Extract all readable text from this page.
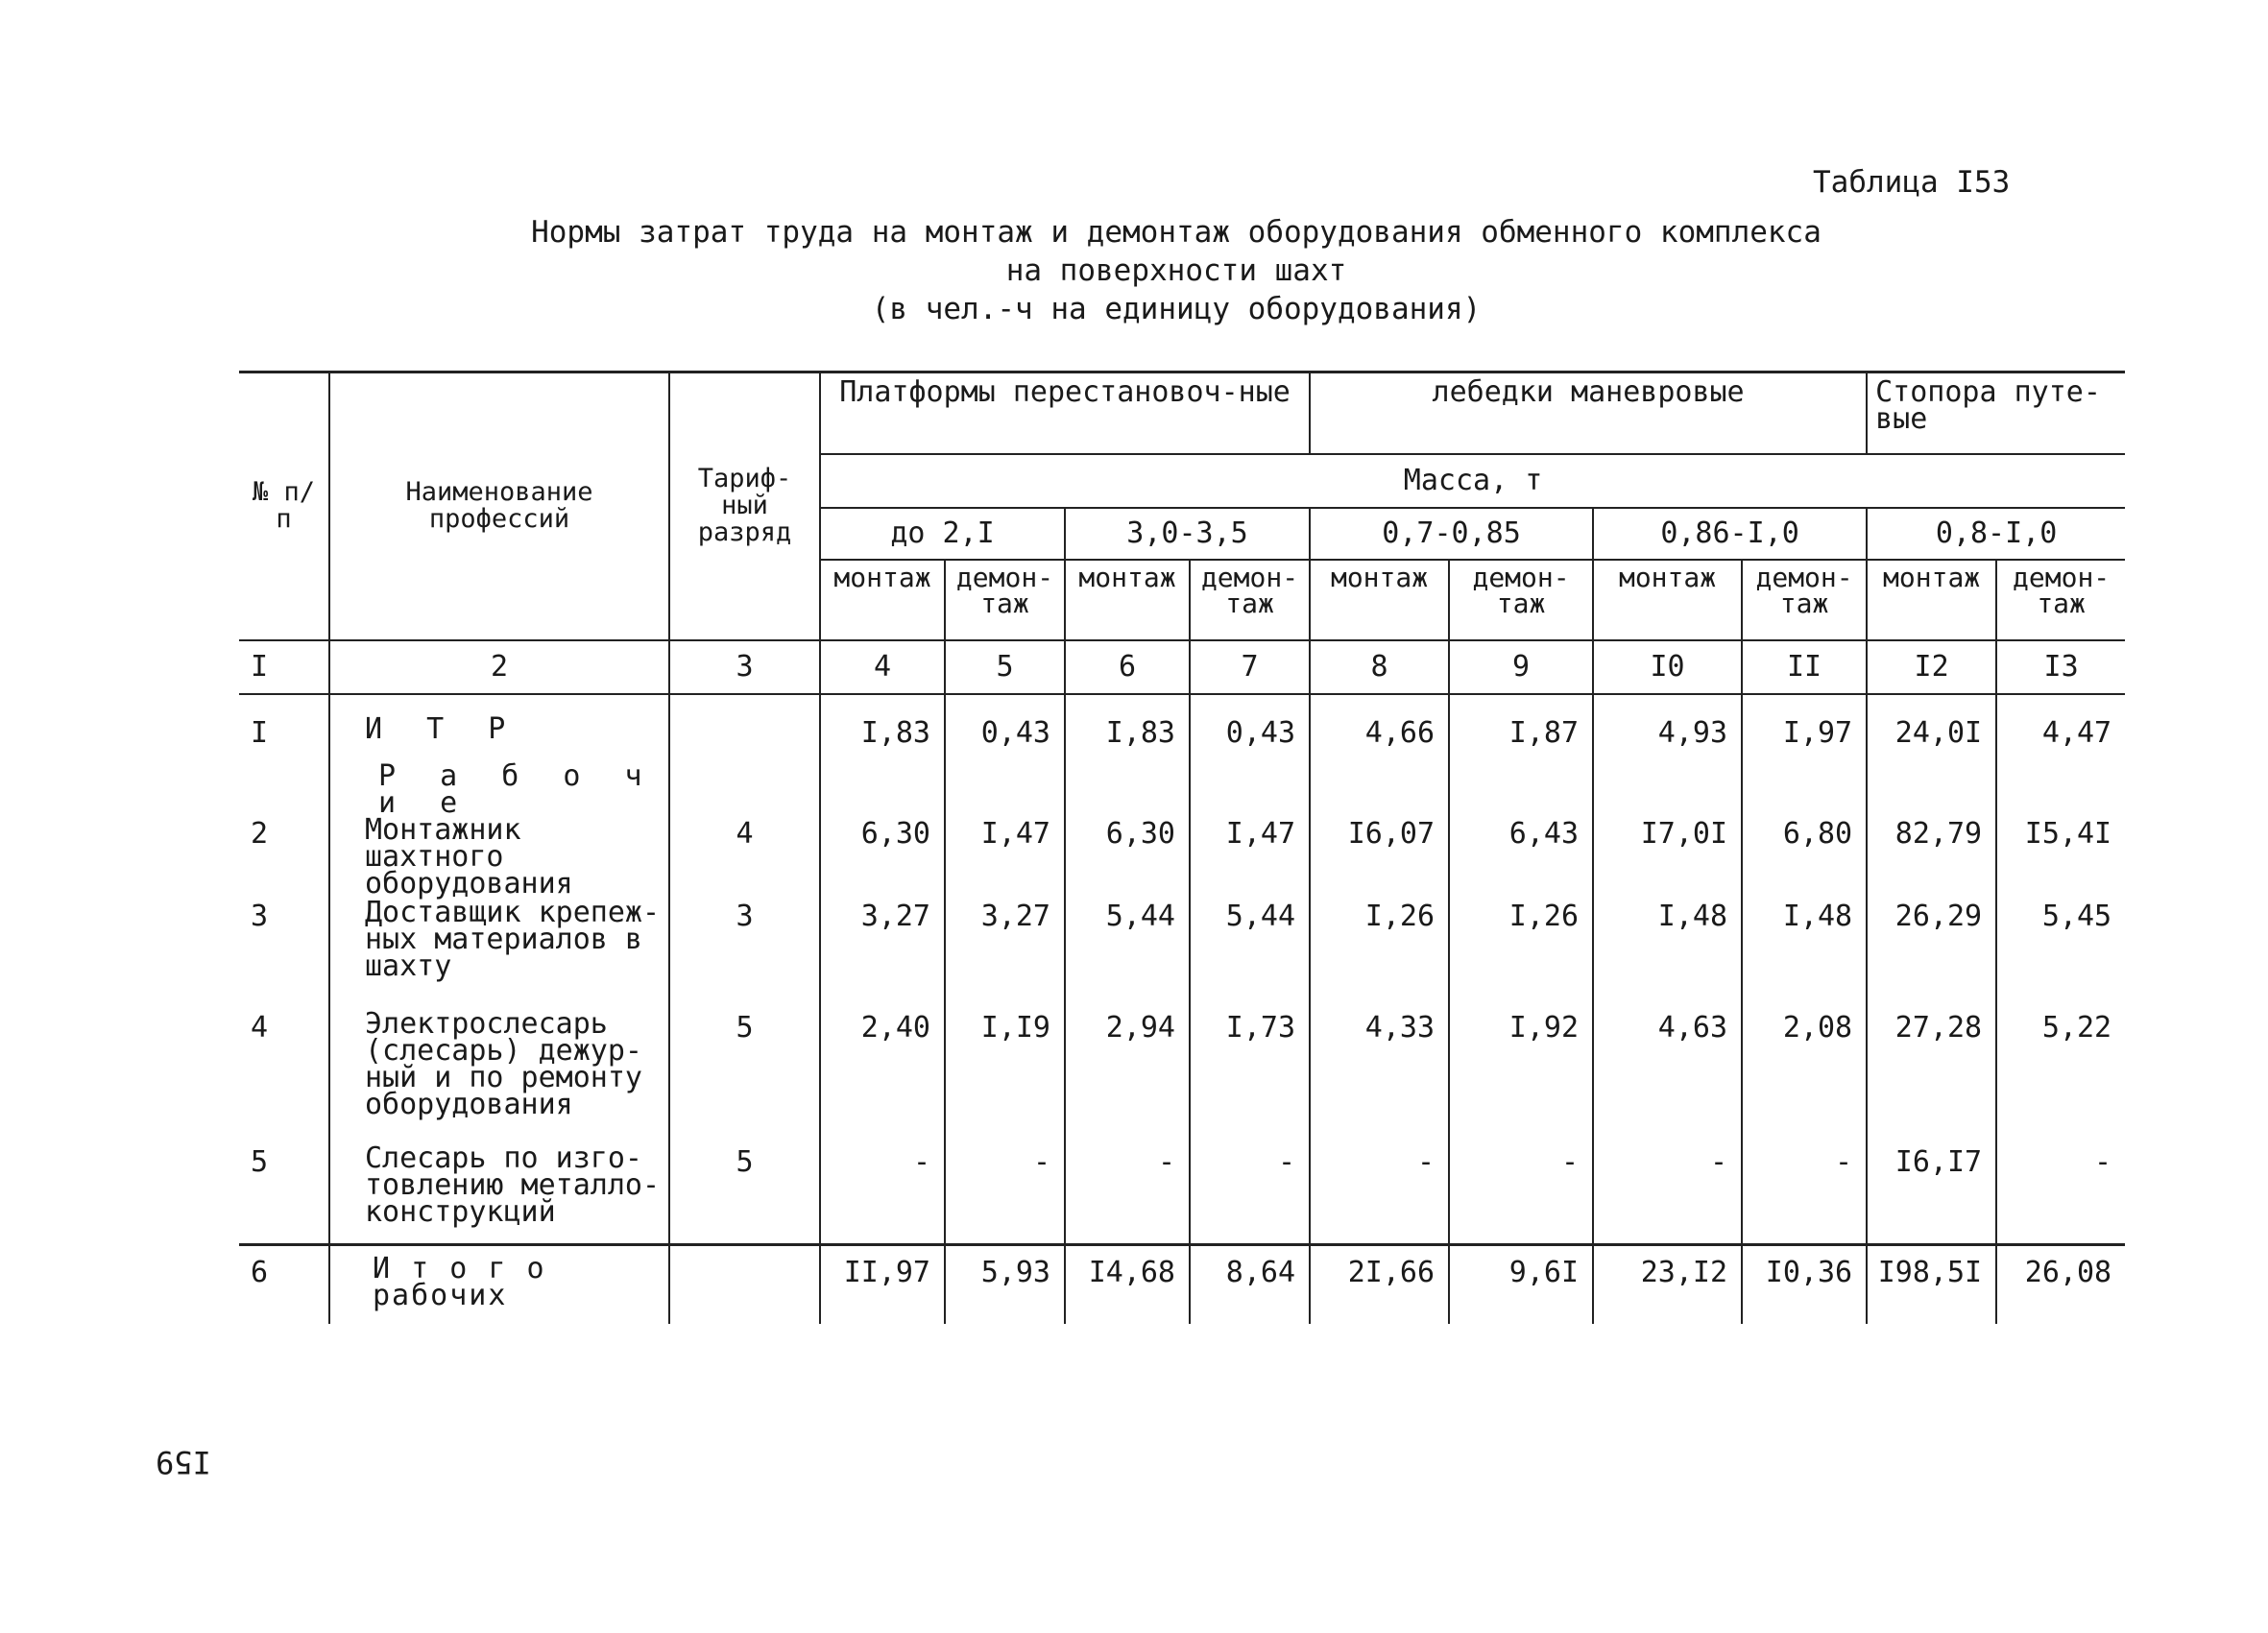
Таблица I53
Нормы затрат труда на монтаж и демонтаж оборудования обменного комплекса
на поверхности шахт
(в чел.-ч на единицу оборудования)
№ п/п	Наименование профессий	Тариф-ный разряд	Платформы перестановоч-ные				лебедки маневровые				Стопора путе-вые	
			Масса, т									
			до 2,I		3,0-3,5		0,7-0,85		0,86-I,0		0,8-I,0	
			монтаж	демон-таж	монтаж	демон-таж	монтаж	демон-таж	монтаж	демон-таж	монтаж	демон-таж
I	2	3	4	5	6	7	8	9	I0	II	I2	I3
I	И Т Р		I,83	0,43	I,83	0,43	4,66	I,87	4,93	I,97	24,0I	4,47
	Р а б о ч и е											
2	Монтажник шахтного оборудования	4	6,30	I,47	6,30	I,47	I6,07	6,43	I7,0I	6,80	82,79	I5,4I
3	Доставщик крепеж-ных материалов в шахту	3	3,27	3,27	5,44	5,44	I,26	I,26	I,48	I,48	26,29	5,45
4	Электрослесарь (слесарь) дежур-ный и по ремонту оборудования	5	2,40	I,I9	2,94	I,73	4,33	I,92	4,63	2,08	27,28	5,22
5	Слесарь по изго-товлению металло-конструкций	5	-	-	-	-	-	-	-	-	I6,I7	-
6	И т о г о рабочих		II,97	5,93	I4,68	8,64	2I,66	9,6I	23,I2	I0,36	I98,5I	26,08
I59
